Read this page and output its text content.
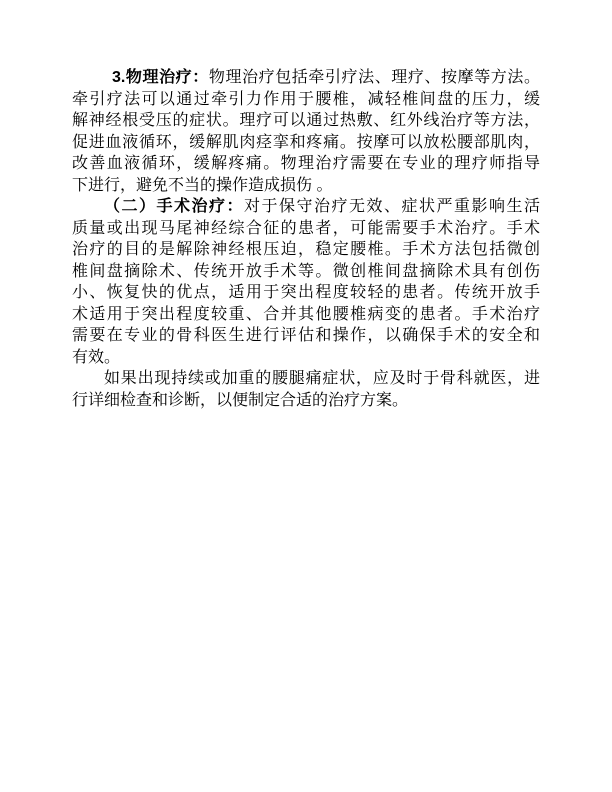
3.物理治疗：物理治疗包括牵引疗法、理疗、按摩等方法。
牵引疗法可以通过牵引力作用于腰椎，减轻椎间盘的压力，缓
解神经根受压的症状。理疗可以通过热敷、红外线治疗等方法，
促进血液循环，缓解肌肉痉挛和疼痛。按摩可以放松腰部肌肉，
改善血液循环，缓解疼痛。物理治疗需要在专业的理疗师指导
下进行，避免不当的操作造成损伤 。
（二）手术治疗：对于保守治疗无效、症状严重影响生活
质量或出现马尾神经综合征的患者，可能需要手术治疗。手术
治疗的目的是解除神经根压迫，稳定腰椎。手术方法包括微创
椎间盘摘除术、传统开放手术等。微创椎间盘摘除术具有创伤
小、恢复快的优点，适用于突出程度较轻的患者。传统开放手
术适用于突出程度较重、合并其他腰椎病变的患者。手术治疗
需要在专业的骨科医生进行评估和操作，以确保手术的安全和
有效。
如果出现持续或加重的腰腿痛症状，应及时于骨科就医，进
行详细检查和诊断，以便制定合适的治疗方案。
